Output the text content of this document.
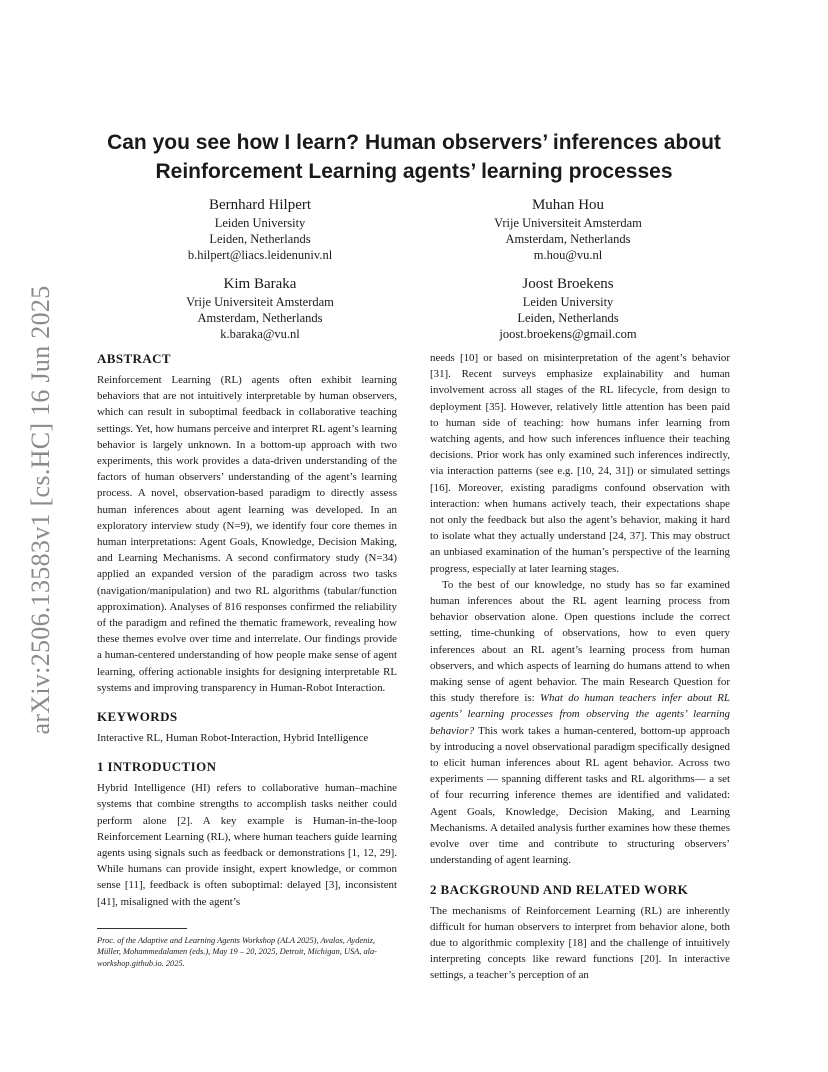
arXiv:2506.13583v1 [cs.HC] 16 Jun 2025
Can you see how I learn? Human observers’ inferences about
Reinforcement Learning agents’ learning processes
Bernhard Hilpert
Leiden University
Leiden, Netherlands
b.hilpert@liacs.leidenuniv.nl
Muhan Hou
Vrije Universiteit Amsterdam
Amsterdam, Netherlands
m.hou@vu.nl
Kim Baraka
Vrije Universiteit Amsterdam
Amsterdam, Netherlands
k.baraka@vu.nl
Joost Broekens
Leiden University
Leiden, Netherlands
joost.broekens@gmail.com
ABSTRACT

Reinforcement Learning (RL) agents often exhibit learning behaviors that are not intuitively interpretable by human observers, which can result in suboptimal feedback in collaborative teaching settings. Yet, how humans perceive and interpret RL agent’s learning behavior is largely unknown. In a bottom-up approach with two experiments, this work provides a data-driven understanding of the factors of human observers’ understanding of the agent’s learning process. A novel, observation-based paradigm to directly assess human inferences about agent learning was developed. In an exploratory interview study (N=9), we identify four core themes in human interpretations: Agent Goals, Knowledge, Decision Making, and Learning Mechanisms. A second confirmatory study (N=34) applied an expanded version of the paradigm across two tasks (navigation/manipulation) and two RL algorithms (tabular/function approximation). Analyses of 816 responses confirmed the reliability of the paradigm and refined the thematic framework, revealing how these themes evolve over time and interrelate. Our findings provide a human-centered understanding of how people make sense of agent learning, offering actionable insights for designing interpretable RL systems and improving transparency in Human-Robot Interaction.

KEYWORDS

Interactive RL, Human Robot-Interaction, Hybrid Intelligence

1 INTRODUCTION

Hybrid Intelligence (HI) refers to collaborative human–machine systems that combine strengths to accomplish tasks neither could perform alone [2]. A key example is Human-in-the-loop Reinforcement Learning (RL), where human teachers guide learning agents using signals such as feedback or demonstrations [1, 12, 29]. While humans can provide insight, expert knowledge, or common sense [11], feedback is often suboptimal: delayed [3], inconsistent [41], misaligned with the agent’s

Proc. of the Adaptive and Learning Agents Workshop (ALA 2025), Avalos, Aydeniz, Müller, Mohammedalamen (eds.), May 19 – 20, 2025, Detroit, Michigan, USA, ala-workshop.github.io. 2025.

needs [10] or based on misinterpretation of the agent’s behavior [31]. Recent surveys emphasize explainability and human involvement across all stages of the RL lifecycle, from design to deployment [35]. However, relatively little attention has been paid to human side of teaching: how humans infer learning from watching agents, and how such inferences influence their teaching decisions. Prior work has only examined such inferences indirectly, via interaction patterns (see e.g. [10, 24, 31]) or simulated settings [16]. Moreover, existing paradigms confound observation with interaction: when humans actively teach, their expectations shape not only the feedback but also the agent’s behavior, making it hard to isolate what they actually understand [24, 37]. This may obstruct an unbiased examination of the human’s perspective of the learning progress, especially at later learning stages.

To the best of our knowledge, no study has so far examined human inferences about the RL agent learning process from behavior observation alone. Open questions include the correct setting, time-chunking of observations, how to even query inferences about an RL agent’s learning process from human observers, and which aspects of learning do humans attend to when making sense of agent behavior. The main Research Question for this study therefore is: What do human teachers infer about RL agents’ learning processes from observing the agents’ learning behavior? This work takes a human-centered, bottom-up approach by introducing a novel observational paradigm specifically designed to elicit human inferences about RL agent behavior. Across two experiments — spanning different tasks and RL algorithms— a set of four recurring inference themes are identified and validated: Agent Goals, Knowledge, Decision Making, and Learning Mechanisms. A detailed analysis further examines how these themes evolve over time and contribute to structuring observers’ understanding of agent learning.

2 BACKGROUND AND RELATED WORK

The mechanisms of Reinforcement Learning (RL) are inherently difficult for human observers to interpret from behavior alone, both due to algorithmic complexity [18] and the challenge of intuitively interpreting concepts like reward functions [20]. In interactive settings, a teacher’s perception of an
